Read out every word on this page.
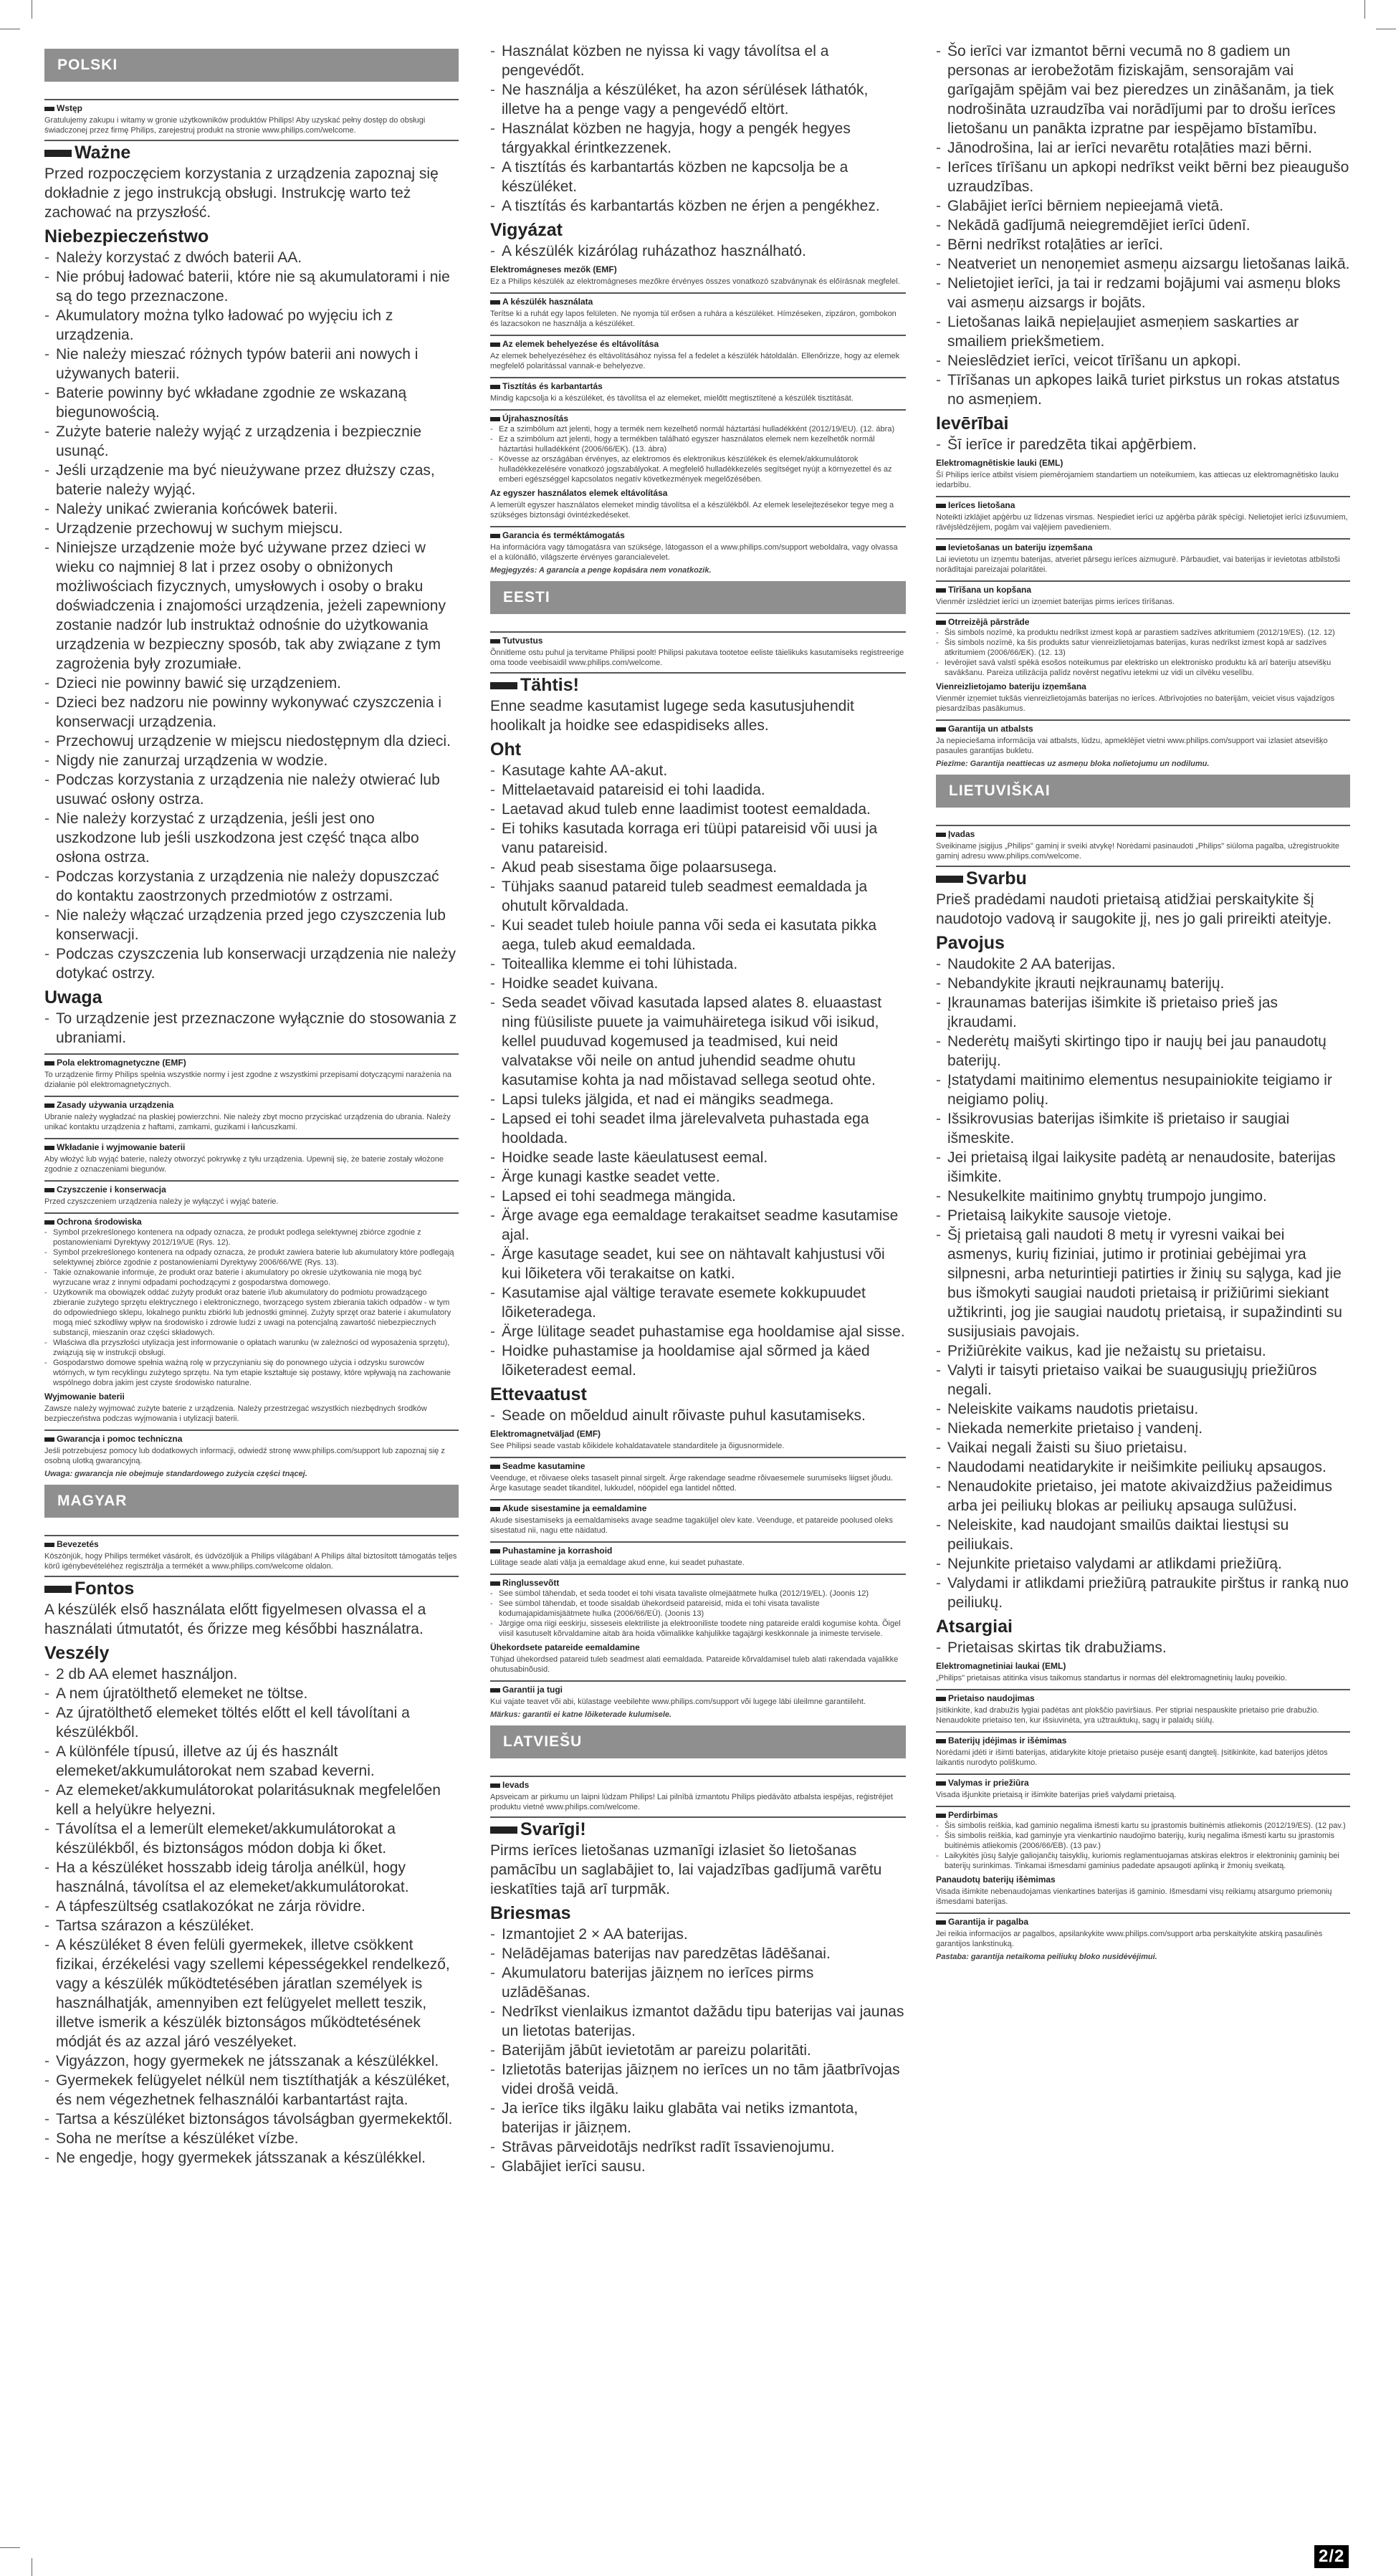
POLSKI
Wstęp

Gratulujemy zakupu i witamy w gronie użytkowników produktów Philips! Aby uzyskać pełny dostęp do obsługi świadczonej przez firmę Philips, zarejestruj produkt na stronie www.philips.com/welcome.

Ważne

Przed rozpoczęciem korzystania z urządzenia zapoznaj się dokładnie z jego instrukcją obsługi. Instrukcję warto też zachować na przyszłość.

Niebezpieczeństwo
- Należy korzystać z dwóch baterii AA.
- Nie próbuj ładować baterii, które nie są akumulatorami i nie są do tego przeznaczone.
- Akumulatory można tylko ładować po wyjęciu ich z urządzenia.
- Nie należy mieszać różnych typów baterii ani nowych i używanych baterii.
- Baterie powinny być wkładane zgodnie ze wskazaną biegunowością.
- Zużyte baterie należy wyjąć z urządzenia i bezpiecznie usunąć.
- Jeśli urządzenie ma być nieużywane przez dłuższy czas, baterie należy wyjąć.
- Należy unikać zwierania końcówek baterii.
- Urządzenie przechowuj w suchym miejscu.
- Niniejsze urządzenie może być używane przez dzieci w wieku co najmniej 8 lat i przez osoby o obniżonych możliwościach fizycznych, umysłowych i osoby o braku doświadczenia i znajomości urządzenia, jeżeli zapewniony zostanie nadzór lub instruktaż odnośnie do użytkowania urządzenia w bezpieczny sposób, tak aby związane z tym zagrożenia były zrozumiałe.
- Dzieci nie powinny bawić się urządzeniem.
- Dzieci bez nadzoru nie powinny wykonywać czyszczenia i konserwacji urządzenia.
- Przechowuj urządzenie w miejscu niedostępnym dla dzieci.
- Nigdy nie zanurzaj urządzenia w wodzie.
- Podczas korzystania z urządzenia nie należy otwierać lub usuwać osłony ostrza.
- Nie należy korzystać z urządzenia, jeśli jest ono uszkodzone lub jeśli uszkodzona jest część tnąca albo osłona ostrza.
- Podczas korzystania z urządzenia nie należy dopuszczać do kontaktu zaostrzonych przedmiotów z ostrzami.
- Nie należy włączać urządzenia przed jego czyszczenia lub konserwacji.
- Podczas czyszczenia lub konserwacji urządzenia nie należy dotykać ostrzy.
Uwaga
- To urządzenie jest przeznaczone wyłącznie do stosowania z ubraniami.
Pola elektromagnetyczne (EMF)

To urządzenie firmy Philips spełnia wszystkie normy i jest zgodne z wszystkimi przepisami dotyczącymi narażenia na działanie pól elektromagnetycznych.

Zasady używania urządzenia

Ubranie należy wygładzać na płaskiej powierzchni. Nie należy zbyt mocno przyciskać urządzenia do ubrania. Należy unikać kontaktu urządzenia z haftami, zamkami, guzikami i łańcuszkami.

Wkładanie i wyjmowanie baterii

Aby włożyć lub wyjąć baterie, należy otworzyć pokrywkę z tyłu urządzenia. Upewnij się, że baterie zostały włożone zgodnie z oznaczeniami biegunów.

Czyszczenie i konserwacja

Przed czyszczeniem urządzenia należy je wyłączyć i wyjąć baterie.

Ochrona środowiska
- Symbol przekreślonego kontenera na odpady oznacza, że produkt podlega selektywnej zbiórce zgodnie z postanowieniami Dyrektywy 2012/19/UE (Rys. 12).
- Symbol przekreślonego kontenera na odpady oznacza, że produkt zawiera baterie lub akumulatory które podlegają selektywnej zbiórce zgodnie z postanowieniami Dyrektywy 2006/66/WE (Rys. 13).
- Takie oznakowanie informuje, że produkt oraz baterie i akumulatory po okresie użytkowania nie mogą być wyrzucane wraz z innymi odpadami pochodzącymi z gospodarstwa domowego.
- Użytkownik ma obowiązek oddać zużyty produkt oraz baterie i/lub akumulatory do podmiotu prowadzącego zbieranie zużytego sprzętu elektrycznego i elektronicznego, tworzącego system zbierania takich odpadów - w tym do odpowiedniego sklepu, lokalnego punktu zbiórki lub jednostki gminnej. Zużyty sprzęt oraz baterie i akumulatory mogą mieć szkodliwy wpływ na środowisko i zdrowie ludzi z uwagi na potencjalną zawartość niebezpiecznych substancji, mieszanin oraz części składowych.
- Właściwa dla przyszłości utylizacja jest informowanie o opłatach warunku (w zależności od wyposażenia sprzętu), związują się w instrukcji obsługi.
- Gospodarstwo domowe spełnia ważną rolę w przyczynianiu się do ponownego użycia i odzysku surowców wtórnych, w tym recyklingu zużytego sprzętu. Na tym etapie kształtuje się postawy, które wpływają na zachowanie wspólnego dobra jakim jest czyste środowisko naturalne.
Wyjmowanie baterii

Zawsze należy wyjmować zużyte baterie z urządzenia. Należy przestrzegać wszystkich niezbędnych środków bezpieczeństwa podczas wyjmowania i utylizacji baterii.

Gwarancja i pomoc techniczna

Jeśli potrzebujesz pomocy lub dodatkowych informacji, odwiedź stronę www.philips.com/support lub zapoznaj się z osobną ulotką gwarancyjną.

Uwaga: gwarancja nie obejmuje standardowego zużycia części tnącej.
MAGYAR
Bevezetés

Köszönjük, hogy Philips terméket vásárolt, és üdvözöljük a Philips világában! A Philips által biztosított támogatás teljes körű igénybevételéhez regisztrálja a termékét a www.philips.com/welcome oldalon.

Fontos

A készülék első használata előtt figyelmesen olvassa el a használati útmutatót, és őrizze meg későbbi használatra.

Veszély
- 2 db AA elemet használjon.
- A nem újratölthető elemeket ne töltse.
- Az újratölthető elemeket töltés előtt el kell távolítani a készülékből.
- A különféle típusú, illetve az új és használt elemeket/akkumulátorokat nem szabad keverni.
- Az elemeket/akkumulátorokat polaritásuknak megfelelően kell a helyükre helyezni.
- Távolítsa el a lemerült elemeket/akkumulátorokat a készülékből, és biztonságos módon dobja ki őket.
- Ha a készüléket hosszabb ideig tárolja anélkül, hogy használná, távolítsa el az elemeket/akkumulátorokat.
- A tápfeszültség csatlakozókat ne zárja rövidre.
- Tartsa szárazon a készüléket.
- A készüléket 8 éven felüli gyermekek, illetve csökkent fizikai, érzékelési vagy szellemi képességekkel rendelkező, vagy a készülék működtetésében járatlan személyek is használhatják, amennyiben ezt felügyelet mellett teszik, illetve ismerik a készülék biztonságos működtetésének módját és az azzal járó veszélyeket.
- Vigyázzon, hogy gyermekek ne játsszanak a készülékkel.
- Gyermekek felügyelet nélkül nem tisztíthatják a készüléket, és nem végezhetnek felhasználói karbantartást rajta.
- Tartsa a készüléket biztonságos távolságban gyermekektől.
- Soha ne merítse a készüléket vízbe.
- Ne engedje, hogy gyermekek játsszanak a készülékkel.
- Használat közben ne nyissa ki vagy távolítsa el a pengevédőt.
- Ne használja a készüléket, ha azon sérülések láthatók, illetve ha a penge vagy a pengevédő eltört.
- Használat közben ne hagyja, hogy a pengék hegyes tárgyakkal érintkezzenek.
- A tisztítás és karbantartás közben ne kapcsolja be a készüléket.
- A tisztítás és karbantartás közben ne érjen a pengékhez.
Vigyázat
- A készülék kizárólag ruházathoz használható.
Elektromágneses mezők (EMF)

Ez a Philips készülék az elektromágneses mezőkre érvényes összes vonatkozó szabványnak és előírásnak megfelel.

A készülék használata

Terítse ki a ruhát egy lapos felületen. Ne nyomja túl erősen a ruhára a készüléket. Hímzéseken, zipzáron, gombokon és lazacsokon ne használja a készüléket.

Az elemek behelyezése és eltávolítása

Az elemek behelyezéséhez és eltávolításához nyissa fel a fedelet a készülék hátoldalán. Ellenőrizze, hogy az elemek megfelelő polaritással vannak-e behelyezve.

Tisztítás és karbantartás

Mindig kapcsolja ki a készüléket, és távolítsa el az elemeket, mielőtt megtisztítené a készülék tisztítását.

Újrahasznosítás
- Ez a szimbólum azt jelenti, hogy a termék nem kezelhető normál háztartási hulladékként (2012/19/EU). (12. ábra)
- Ez a szimbólum azt jelenti, hogy a termékben található egyszer használatos elemek nem kezelhetők normál háztartási hulladékként (2006/66/EK). (13. ábra)
- Kövesse az országában érvényes, az elektromos és elektronikus készülékek és elemek/akkumulátorok hulladékkezelésére vonatkozó jogszabályokat. A megfelelő hulladékkezelés segítséget nyújt a környezettel és az emberi egészséggel kapcsolatos negatív következmények megelőzésében.
Az egyszer használatos elemek eltávolítása

A lemerült egyszer használatos elemeket mindig távolítsa el a készülékből. Az elemek leselejtezésekor tegye meg a szükséges biztonsági óvintézkedéseket.

Garancia és terméktámogatás

Ha információra vagy támogatásra van szüksége, látogasson el a www.philips.com/support weboldalra, vagy olvassa el a különálló, világszerte érvényes garancialevelet.

Megjegyzés: A garancia a penge kopására nem vonatkozik.
EESTI
Tutvustus

Õnnitleme ostu puhul ja tervitame Philipsi poolt! Philipsi pakutava tootetoe eeliste täielikuks kasutamiseks registreerige oma toode veebisaidil www.philips.com/welcome.

Tähtis!

Enne seadme kasutamist lugege seda kasutusjuhendit hoolikalt ja hoidke see edaspidiseks alles.

Oht
- Kasutage kahte AA-akut.
- Mittelaetavaid patareisid ei tohi laadida.
- Laetavad akud tuleb enne laadimist tootest eemaldada.
- Ei tohiks kasutada korraga eri tüüpi patareisid või uusi ja vanu patareisid.
- Akud peab sisestama õige polaarsusega.
- Tühjaks saanud patareid tuleb seadmest eemaldada ja ohutult kõrvaldada.
- Kui seadet tuleb hoiule panna või seda ei kasutata pikka aega, tuleb akud eemaldada.
- Toiteallika klemme ei tohi lühistada.
- Hoidke seadet kuivana.
- Seda seadet võivad kasutada lapsed alates 8. eluaastast ning füüsiliste puuete ja vaimuhäiretega isikud või isikud, kellel puuduvad kogemused ja teadmised, kui neid valvatakse või neile on antud juhendid seadme ohutu kasutamise kohta ja nad mõistavad sellega seotud ohte.
- Lapsi tuleks jälgida, et nad ei mängiks seadmega.
- Lapsed ei tohi seadet ilma järelevalveta puhastada ega hooldada.
- Hoidke seade laste käeulatusest eemal.
- Ärge kunagi kastke seadet vette.
- Lapsed ei tohi seadmega mängida.
- Ärge avage ega eemaldage terakaitset seadme kasutamise ajal.
- Ärge kasutage seadet, kui see on nähtavalt kahjustusi või kui lõiketera või terakaitse on katki.
- Kasutamise ajal vältige teravate esemete kokkupuudet lõiketeradega.
- Ärge lülitage seadet puhastamise ega hooldamise ajal sisse.
- Hoidke puhastamise ja hooldamise ajal sõrmed ja käed lõiketeradest eemal.
Ettevaatust
- Seade on mõeldud ainult rõivaste puhul kasutamiseks.
Elektromagnetväljad (EMF)

See Philipsi seade vastab kõikidele kohaldatavatele standarditele ja õigusnormidele.

Seadme kasutamine

Veenduge, et rõivaese oleks tasaselt pinnal sirgelt. Ärge rakendage seadme rõivaesemele surumiseks liigset jõudu. Ärge kasutage seadet tikanditel, lukkudel, nööpidel ega lantidel nõtted.

Akude sisestamine ja eemaldamine

Akude sisestamiseks ja eemaldamiseks avage seadme tagaküljel olev kate. Veenduge, et patareide poolused oleks sisestatud nii, nagu ette näidatud.

Puhastamine ja korrashoid

Lülitage seade alati välja ja eemaldage akud enne, kui seadet puhastate.

Ringlussevõtt
- See sümbol tähendab, et seda toodet ei tohi visata tavaliste olmejäätmete hulka (2012/19/EL). (Joonis 12)
- See sümbol tähendab, et toode sisaldab ühekordseid patareisid, mida ei tohi visata tavaliste kodumajapidamisjäätmete hulka (2006/66/EÜ). (Joonis 13)
- Järgige oma riigi eeskirju, sisseseis elektriliste ja elektrooniliste toodete ning patareide eraldi kogumise kohta. Õigel viisil kasutuselt kõrvaldamine aitab ära hoida võimalikke kahjulikke tagajärgi keskkonnale ja inimeste tervisele.
Ühekordsete patareide eemaldamine

Tühjad ühekordsed patareid tuleb seadmest alati eemaldada. Patareide kõrvaldamisel tuleb alati rakendada vajalikke ohutusabinõusid.

Garantii ja tugi

Kui vajate teavet või abi, külastage veebilehte www.philips.com/support või lugege läbi üleilmne garantiileht.

Märkus: garantii ei katne lõiketerade kulumisele.
LATVIEŠU
Ievads

Apsveicam ar pirkumu un laipni lūdzam Philips! Lai pilnībā izmantotu Philips piedāvāto atbalsta iespējas, reģistrējiet produktu vietnē www.philips.com/welcome.

Svarīgi!

Pirms ierīces lietošanas uzmanīgi izlasiet šo lietošanas pamācību un saglabājiet to, lai vajadzības gadījumā varētu ieskatīties tajā arī turpmāk.

Briesmas
- Izmantojiet 2 × AA baterijas.
- Nelādējamas baterijas nav paredzētas lādēšanai.
- Akumulatoru baterijas jāizņem no ierīces pirms uzlādēšanas.
- Nedrīkst vienlaikus izmantot dažādu tipu baterijas vai jaunas un lietotas baterijas.
- Baterijām jābūt ievietotām ar pareizu polaritāti.
- Izlietotās baterijas jāizņem no ierīces un no tām jāatbrīvojas videi drošā veidā.
- Ja ierīce tiks ilgāku laiku glabāta vai netiks izmantota, baterijas ir jāizņem.
- Strāvas pārveidotājs nedrīkst radīt īssavienojumu.
- Glabājiet ierīci sausu.
- Šo ierīci var izmantot bērni vecumā no 8 gadiem un personas ar ierobežotām fiziskajām, sensorajām vai garīgajām spējām vai bez pieredzes un zināšanām, ja tiek nodrošināta uzraudzība vai norādījumi par to drošu ierīces lietošanu un panākta izpratne par iespējamo bīstamību.
- Jānodrošina, lai ar ierīci nevarētu rotaļāties mazi bērni.
- Ierīces tīrīšanu un apkopi nedrīkst veikt bērni bez pieaugušo uzraudzības.
- Glabājiet ierīci bērniem nepieejamā vietā.
- Nekādā gadījumā neiegremdējiet ierīci ūdenī.
- Bērni nedrīkst rotaļāties ar ierīci.
- Neatveriet un nenoņemiet asmeņu aizsargu lietošanas laikā.
- Nelietojiet ierīci, ja tai ir redzami bojājumi vai asmeņu bloks vai asmeņu aizsargs ir bojāts.
- Lietošanas laikā nepieļaujiet asmeņiem saskarties ar smailiem priekšmetiem.
- Neieslēdziet ierīci, veicot tīrīšanu un apkopi.
- Tīrīšanas un apkopes laikā turiet pirkstus un rokas atstatus no asmeņiem.
Ievērībai
- Šī ierīce ir paredzēta tikai apģērbiem.
Elektromagnētiskie lauki (EML)

Šī Philips ierīce atbilst visiem piemērojamiem standartiem un noteikumiem, kas attiecas uz elektromagnētisko lauku iedarbību.

Ierīces lietošana

Noteikti izklājiet apģērbu uz līdzenas virsmas. Nespiediet ierīci uz apģērba pārāk spēcīgi. Nelietojiet ierīci izšuvumiem, rāvējslēdzējiem, pogām vai vaļējiem pavedieniem.

Ievietošanas un bateriju izņemšana

Lai ievietotu un izņemtu baterijas, atveriet pārsegu ierīces aizmugurē. Pārbaudiet, vai baterijas ir ievietotas atbilstoši norādītajai pareizajai polaritātei.

Tīrīšana un kopšana

Vienmēr izslēdziet ierīci un izņemiet baterijas pirms ierīces tīrīšanas.

Otrreizējā pārstrāde
- Šis simbols nozīmē, ka produktu nedrīkst izmest kopā ar parastiem sadzīves atkritumiem (2012/19/ES). (12. 12)
- Šis simbols nozīmē, ka šis produkts satur vienreizlietojamas baterijas, kuras nedrīkst izmest kopā ar sadzīves atkritumiem (2006/66/EK). (12. 13)
- Ievērojiet savā valstī spēkā esošos noteikumus par elektrisko un elektronisko produktu kā arī bateriju atsevišķu savākšanu. Pareiza utilizācija palīdz novērst negatīvu ietekmi uz vidi un cilvēku veselību.
Vienreizlietojamo bateriju izņemšana

Vienmēr izņemiet tukšās vienreizlietojamās baterijas no ierīces. Atbrīvojoties no baterijām, veiciet visus vajadzīgos piesardzības pasākumus.

Garantija un atbalsts

Ja nepieciešama informācija vai atbalsts, lūdzu, apmeklējiet vietni www.philips.com/support vai izlasiet atsevišķo pasaules garantijas bukletu.

Piezīme: Garantija neattiecas uz asmeņu bloka nolietojumu un nodilumu.
LIETUVIŠKAI
Įvadas

Sveikiname įsigijus „Philips" gaminį ir sveiki atvykę! Norėdami pasinaudoti „Philips" siūloma pagalba, užregistruokite gaminį adresu www.philips.com/welcome.

Svarbu

Prieš pradėdami naudoti prietaisą atidžiai perskaitykite šį naudotojo vadovą ir saugokite jį, nes jo gali prireikti ateityje.

Pavojus
- Naudokite 2 AA baterijas.
- Nebandykite įkrauti neįkraunamų baterijų.
- Įkraunamas baterijas išimkite iš prietaiso prieš jas įkraudami.
- Nederėtų maišyti skirtingo tipo ir naujų bei jau panaudotų baterijų.
- Įstatydami maitinimo elementus nesupainiokite teigiamo ir neigiamo polių.
- Išsikrovusias baterijas išimkite iš prietaiso ir saugiai išmeskite.
- Jei prietaisą ilgai laikysite padėtą ar nenaudosite, baterijas išimkite.
- Nesukelkite maitinimo gnybtų trumpojo jungimo.
- Prietaisą laikykite sausoje vietoje.
- Šį prietaisą gali naudoti 8 metų ir vyresni vaikai bei asmenys, kurių fiziniai, jutimo ir protiniai gebėjimai yra silpnesni, arba neturintieji patirties ir žinių su sąlyga, kad jie bus išmokyti saugiai naudoti prietaisą ir prižiūrimi siekiant užtikrinti, jog jie saugiai naudotų prietaisą, ir supažindinti su susijusiais pavojais.
- Prižiūrėkite vaikus, kad jie nežaistų su prietaisu.
- Valyti ir taisyti prietaiso vaikai be suaugusiųjų priežiūros negali.
- Neleiskite vaikams naudotis prietaisu.
- Niekada nemerkite prietaiso į vandenį.
- Vaikai negali žaisti su šiuo prietaisu.
- Naudodami neatidarykite ir neišimkite peiliukų apsaugos.
- Nenaudokite prietaiso, jei matote akivaizdžius pažeidimus arba jei peiliukų blokas ar peiliukų apsauga sulūžusi.
- Neleiskite, kad naudojant smailūs daiktai liestųsi su peiliukais.
- Nejunkite prietaiso valydami ar atlikdami priežiūrą.
- Valydami ir atlikdami priežiūrą patraukite pirštus ir ranką nuo peiliukų.
Atsargiai
- Prietaisas skirtas tik drabužiams.
Elektromagnetiniai laukai (EML)

„Philips" prietaisas atitinka visus taikomus standartus ir normas dėl elektromagnetinių laukų poveikio.

Prietaiso naudojimas

Įsitikinkite, kad drabužis lygiai padėtas ant plokščio paviršiaus. Per stipriai nespauskite prietaiso prie drabužio. Nenaudokite prietaiso ten, kur išsiuvinėta, yra užtrauktukų, sagų ir palaidų siūlų.

Baterijų įdėjimas ir išėmimas

Norėdami įdėti ir išimti baterijas, atidarykite kitoje prietaiso pusėje esantį dangtelį. Įsitikinkite, kad baterijos įdėtos laikantis nurodyto poliškumo.

Valymas ir priežiūra

Visada išjunkite prietaisą ir išimkite baterijas prieš valydami prietaisą.

Perdirbimas
- Šis simbolis reiškia, kad gaminio negalima išmesti kartu su įprastomis buitinėmis atliekomis (2012/19/ES). (12 pav.)
- Šis simbolis reiškia, kad gaminyje yra vienkartinio naudojimo baterijų, kurių negalima išmesti kartu su įprastomis buitinėmis atliekomis (2006/66/EB). (13 pav.)
- Laikykitės jūsų šalyje galiojančių taisyklių, kuriomis reglamentuojamas atskiras elektros ir elektroninių gaminių bei baterijų surinkimas. Tinkamai išmesdami gaminius padedate apsaugoti aplinką ir žmonių sveikatą.
Panaudotų baterijų išėmimas

Visada išimkite nebenaudojamas vienkartines baterijas iš gaminio. Išmesdami visų reikiamų atsargumo priemonių išmesdami baterijas.

Garantija ir pagalba

Jei reikia informacijos ar pagalbos, apsilankykite www.philips.com/support arba perskaitykite atskirą pasaulinės garantijos lankstinuką.

Pastaba: garantija netaikoma peiliukų bloko nusidėvėjimui.
2/2
